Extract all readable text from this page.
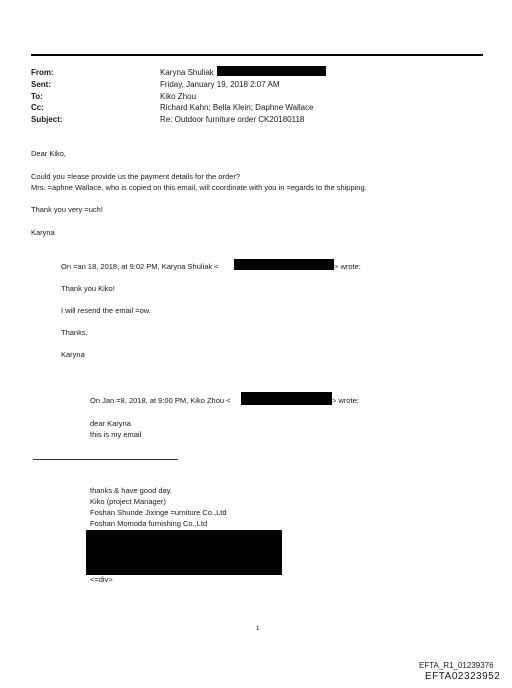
From:	Karyna Shuliak
Sent:	Friday, January 19, 2018 2:07 AM
To:	Kiko Zhou
Cc:	Richard Kahn; Bella Klein; Daphne Wallace
Subject:	Re: Outdoor furniture order CK20180118
Dear Kiko,
Could you =lease provide us the payment details for the order?
Mrs. =aphne Wallace, who is copied on this email, will coordinate with you in =egards to the shipping.
Thank you very =uch!
Karyna
On =an 18, 2018, at 9:02 PM, Karyna Shuliak <	> wrote:
Thank you Kiko!
I will resend the email =ow.
Thanks,
Karyna
On Jan =8, 2018, at 9:00 PM, Kiko Zhou <	> wrote:
dear Karyna
this is my email
thanks & have good day.
Kiko (project Manager)
Foshan Shunde Jixinge =urniture Co.,Ltd
Foshan Momoda furnishing Co.,Ltd
<=div>
1
EFTA_R1_01239376
EFTA02323952
